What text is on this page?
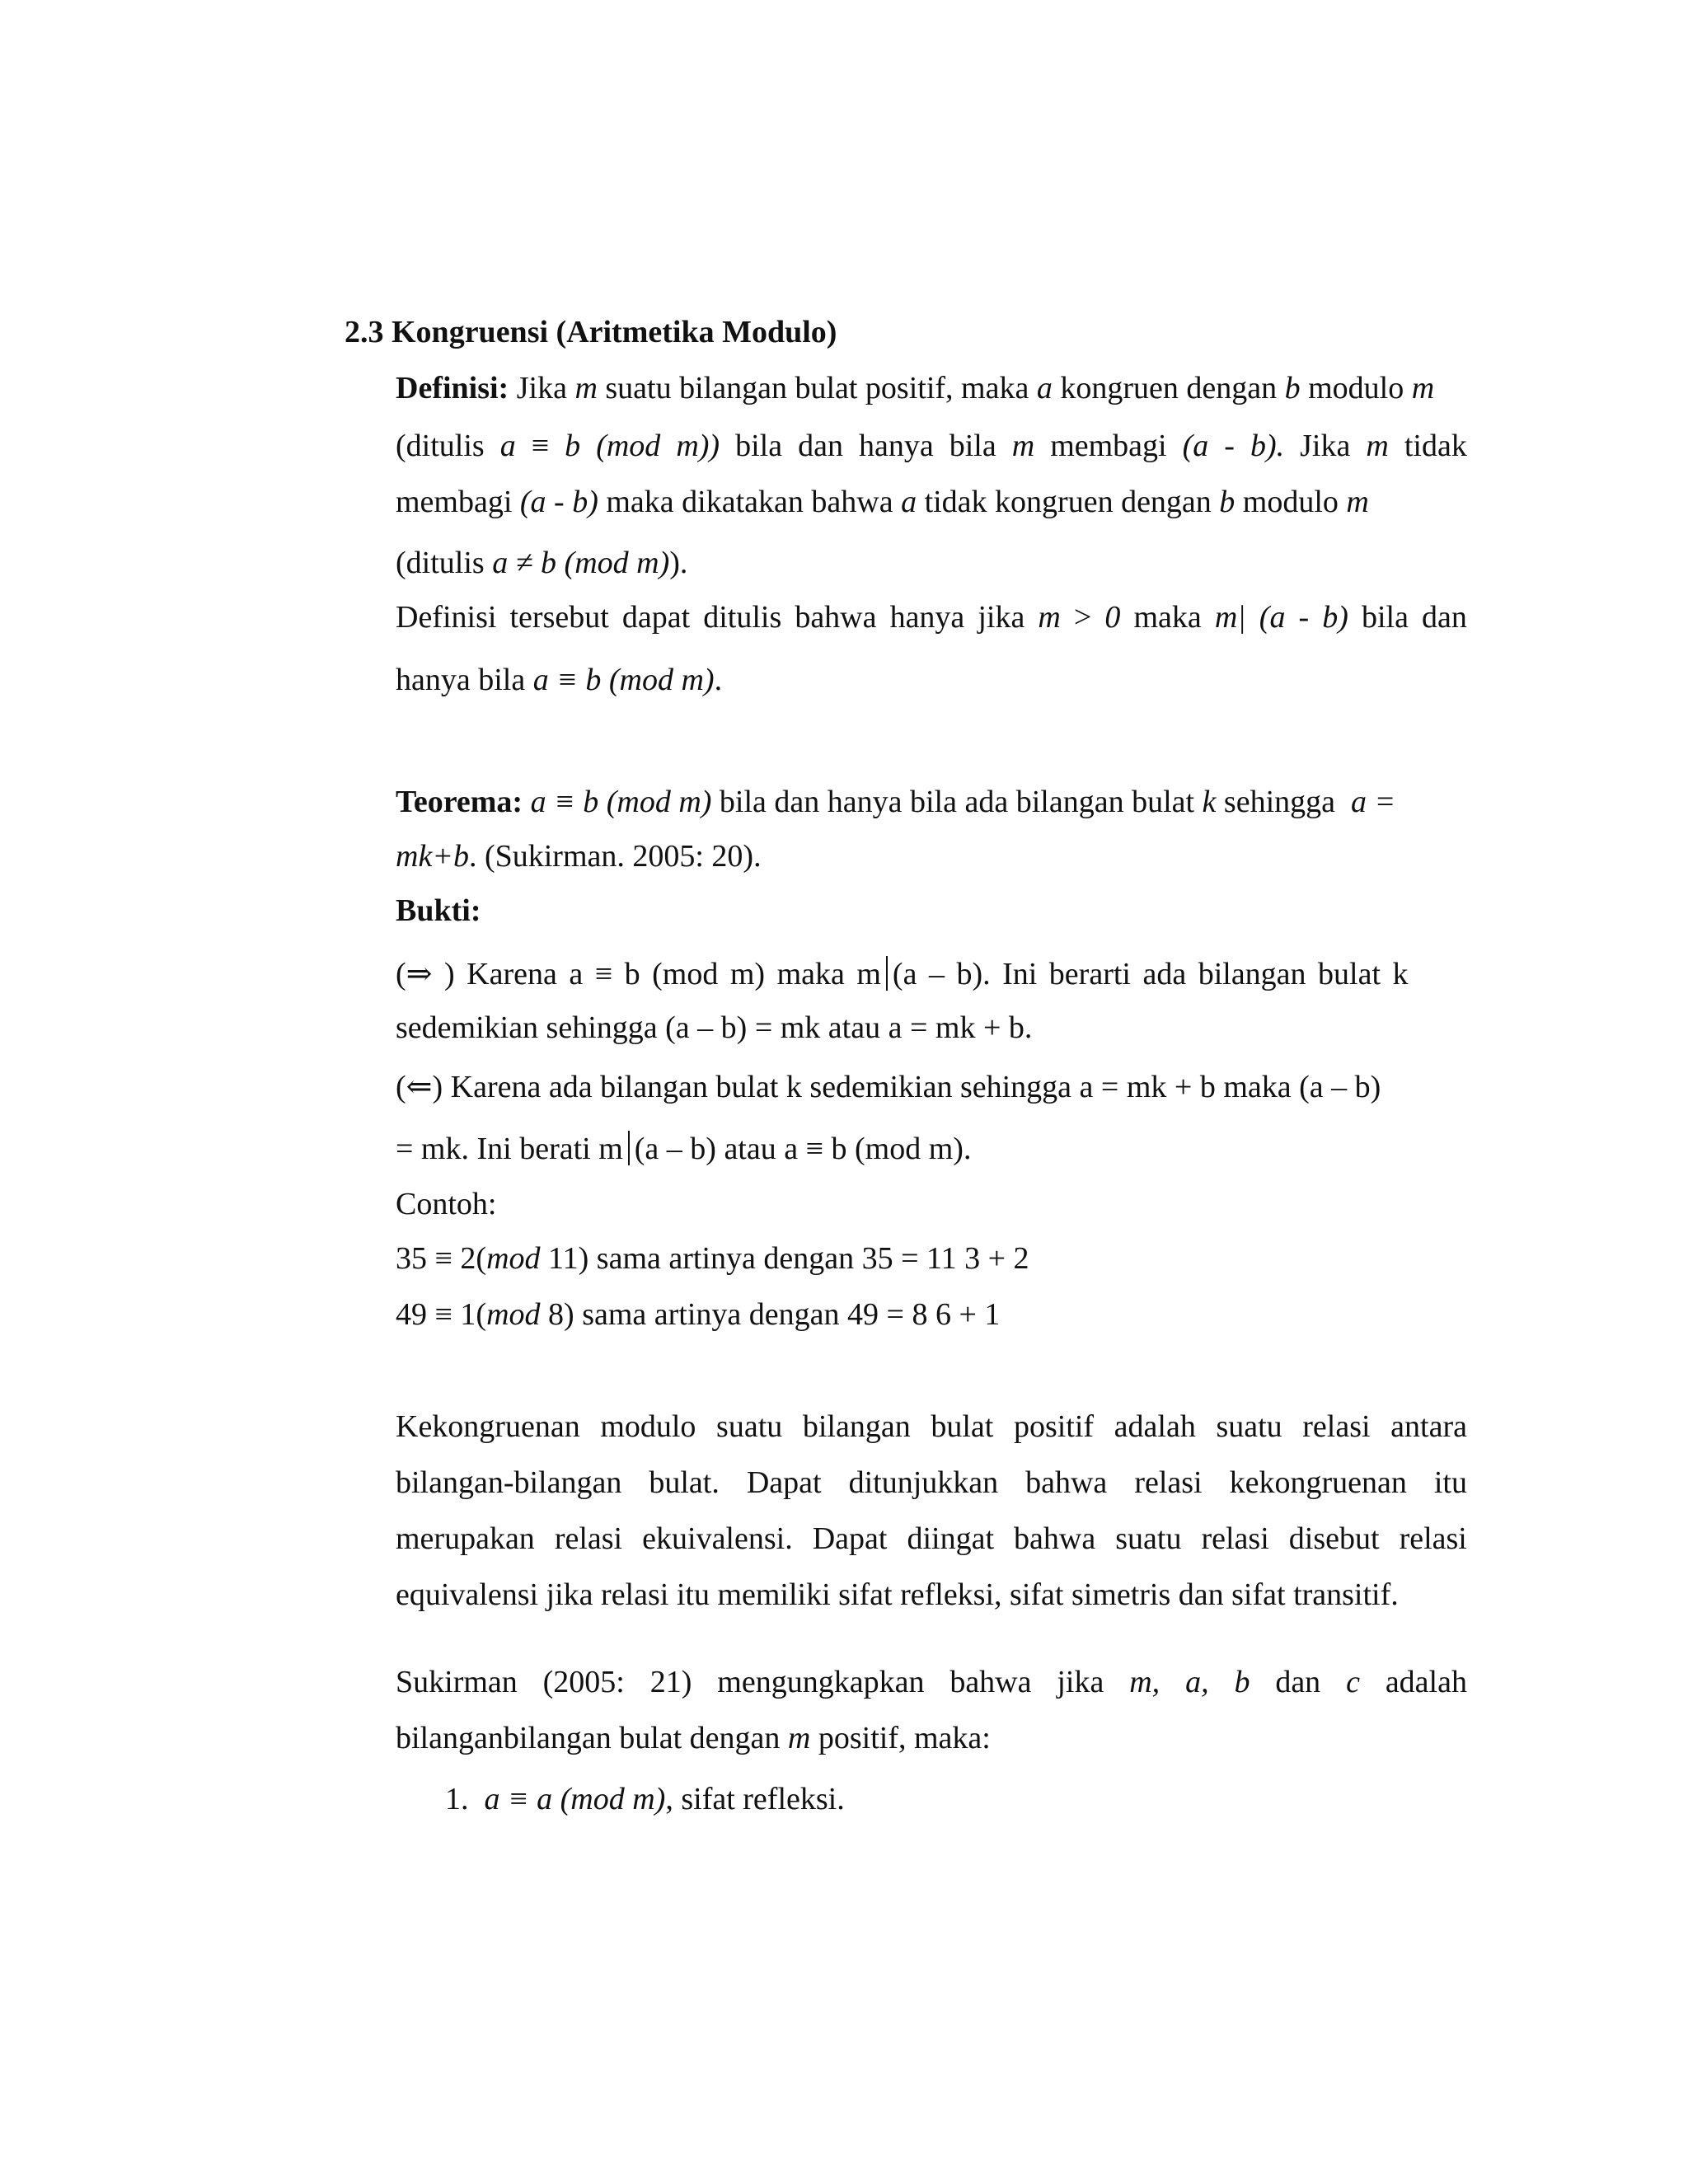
2.3 Kongruensi (Aritmetika Modulo)
Definisi: Jika m suatu bilangan bulat positif, maka a kongruen dengan b modulo m
(ditulis a ≡ b (mod m)) bila dan hanya bila m membagi (a - b). Jika m tidak
membagi (a - b) maka dikatakan bahwa a tidak kongruen dengan b modulo m
(ditulis a ≠ b (mod m)).
Definisi tersebut dapat ditulis bahwa hanya jika m > 0 maka m| (a - b) bila dan
hanya bila a ≡ b (mod m).
Teorema: a ≡ b (mod m) bila dan hanya bila ada bilangan bulat k sehingga a =
mk+b. (Sukirman. 2005: 20).
Bukti:
(⇒ ) Karena a ≡ b (mod m) maka m (a – b). Ini berarti ada bilangan bulat k
sedemikian sehingga (a – b) = mk atau a = mk + b.
(⇐) Karena ada bilangan bulat k sedemikian sehingga a = mk + b maka (a – b)
= mk. Ini berati m (a – b) atau a ≡ b (mod m).
Contoh:
35 ≡ 2(mod 11) sama artinya dengan 35 = 11 3 + 2
49 ≡ 1(mod 8) sama artinya dengan 49 = 8 6 + 1
Kekongruenan modulo suatu bilangan bulat positif adalah suatu relasi antara
bilangan-bilangan bulat. Dapat ditunjukkan bahwa relasi kekongruenan itu
merupakan relasi ekuivalensi. Dapat diingat bahwa suatu relasi disebut relasi
equivalensi jika relasi itu memiliki sifat refleksi, sifat simetris dan sifat transitif.
Sukirman (2005: 21) mengungkapkan bahwa jika m, a, b dan c adalah
bilanganbilangan bulat dengan m positif, maka:
1. a ≡ a (mod m), sifat refleksi.
